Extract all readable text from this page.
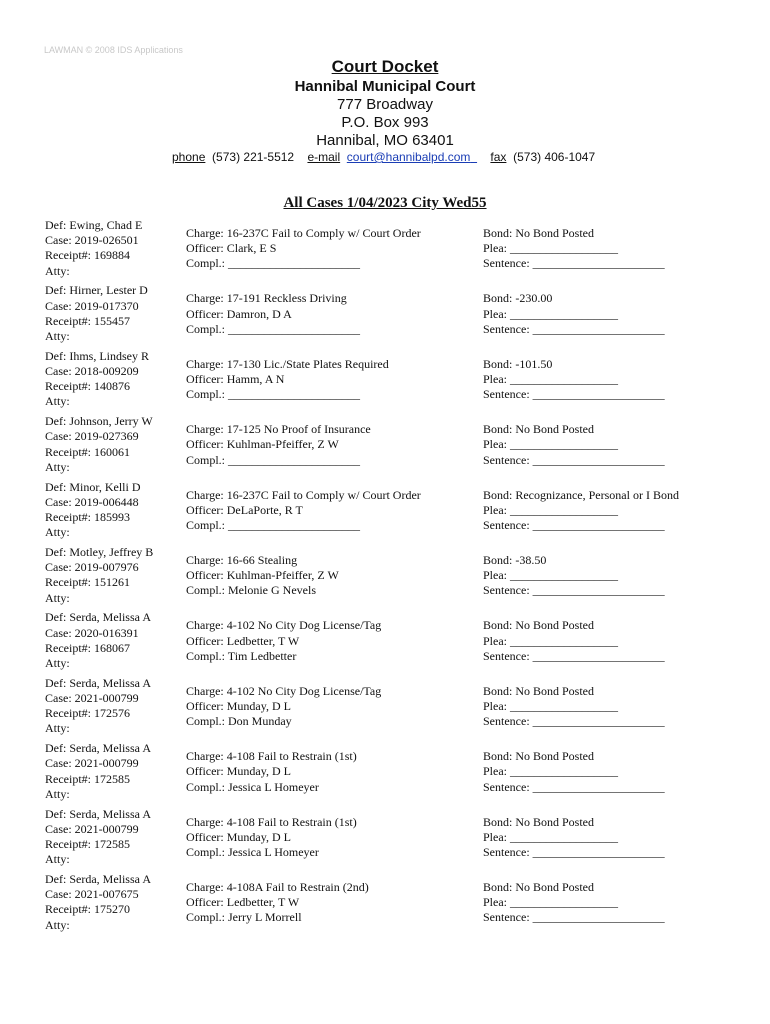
LAWMAN © 2008 IDS Applications
Court Docket
Hannibal Municipal Court
777 Broadway
P.O. Box 993
Hannibal, MO 63401
phone (573) 221-5512 e-mail court@hannibalpd.com fax (573) 406-1047
All Cases 1/04/2023 City Wed55
Def: Ewing, Chad E
Case: 2019-026501
Receipt#: 169884
Atty:
Charge: 16-237C Fail to Comply w/ Court Order
Officer: Clark, E S
Compl.: ______________________
Bond: No Bond Posted
Plea: __________________
Sentence: ______________________
Def: Hirner, Lester D
Case: 2019-017370
Receipt#: 155457
Atty:
Charge: 17-191 Reckless Driving
Officer: Damron, D A
Compl.: ______________________
Bond: -230.00
Plea: __________________
Sentence: ______________________
Def: Ihms, Lindsey R
Case: 2018-009209
Receipt#: 140876
Atty:
Charge: 17-130 Lic./State Plates Required
Officer: Hamm, A N
Compl.: ______________________
Bond: -101.50
Plea: __________________
Sentence: ______________________
Def: Johnson, Jerry W
Case: 2019-027369
Receipt#: 160061
Atty:
Charge: 17-125 No Proof of Insurance
Officer: Kuhlman-Pfeiffer, Z W
Compl.: ______________________
Bond: No Bond Posted
Plea: __________________
Sentence: ______________________
Def: Minor, Kelli D
Case: 2019-006448
Receipt#: 185993
Atty:
Charge: 16-237C Fail to Comply w/ Court Order
Officer: DeLaPorte, R T
Compl.: ______________________
Bond: Recognizance, Personal or I Bond
Plea: __________________
Sentence: ______________________
Def: Motley, Jeffrey B
Case: 2019-007976
Receipt#: 151261
Atty:
Charge: 16-66 Stealing
Officer: Kuhlman-Pfeiffer, Z W
Compl.: Melonie G Nevels
Bond: -38.50
Plea: __________________
Sentence: ______________________
Def: Serda, Melissa A
Case: 2020-016391
Receipt#: 168067
Atty:
Charge: 4-102 No City Dog License/Tag
Officer: Ledbetter, T W
Compl.: Tim Ledbetter
Bond: No Bond Posted
Plea: __________________
Sentence: ______________________
Def: Serda, Melissa A
Case: 2021-000799
Receipt#: 172576
Atty:
Charge: 4-102 No City Dog License/Tag
Officer: Munday, D L
Compl.: Don Munday
Bond: No Bond Posted
Plea: __________________
Sentence: ______________________
Def: Serda, Melissa A
Case: 2021-000799
Receipt#: 172585
Atty:
Charge: 4-108 Fail to Restrain (1st)
Officer: Munday, D L
Compl.: Jessica L Homeyer
Bond: No Bond Posted
Plea: __________________
Sentence: ______________________
Def: Serda, Melissa A
Case: 2021-000799
Receipt#: 172585
Atty:
Charge: 4-108 Fail to Restrain (1st)
Officer: Munday, D L
Compl.: Jessica L Homeyer
Bond: No Bond Posted
Plea: __________________
Sentence: ______________________
Def: Serda, Melissa A
Case: 2021-007675
Receipt#: 175270
Atty:
Charge: 4-108A Fail to Restrain (2nd)
Officer: Ledbetter, T W
Compl.: Jerry L Morrell
Bond: No Bond Posted
Plea: __________________
Sentence: ______________________
